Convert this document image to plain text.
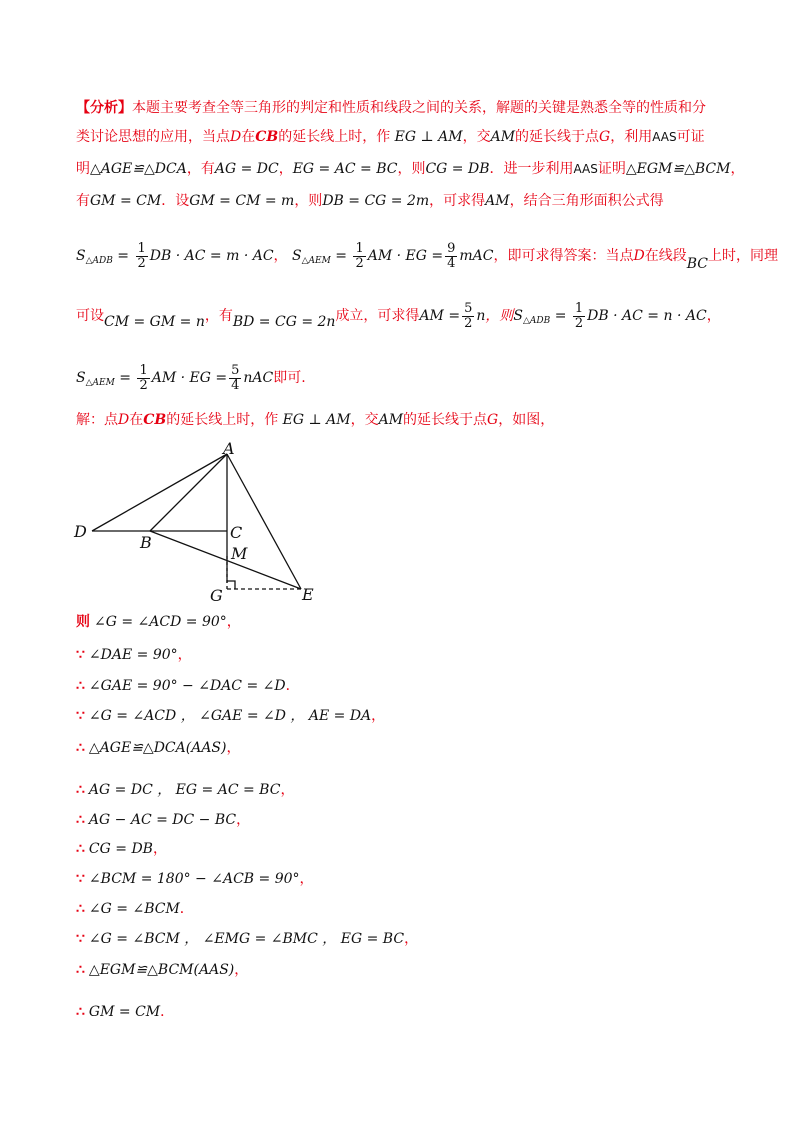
【分析】本题主要考查全等三角形的判定和性质和线段之间的关系，解题的关键是熟悉全等的性质和分
类讨论思想的应用，当点D在CB的延长线上时，作 EG ⊥ AM，交AM的延长线于点G，利用AAS可证
明△AGE≌△DCA，有AG = DC，EG = AC = BC，则CG = DB．进一步利用AAS证明△EGM≌△BCM，
有GM = CM．设GM = CM = m，则DB = CG = 2m，可求得AM，结合三角形面积公式得
$S_{\triangle ADB} = \frac{1}{2}$ DB · AC = m · AC， $S_{\triangle AEM} = \frac{1}{2}$ AM · EG = $\frac{9}{4}$ mAC，即可求得答案：当点D在线段BC上时，同理
可设CM = GM = n，有BD = CG = 2n成立，可求得AM = $\frac{5}{2}$ n，则$S_{\triangle ADB} = \frac{1}{2}$ DB · AC = n · AC，
$S_{\triangle AEM} = \frac{1}{2}$ AM · EG = $\frac{5}{4}$ nAC即可.
解：点D在CB的延长线上时，作 EG ⊥ AM，交AM的延长线于点G，如图，
A
B
C
D
E
G
M
则 ∠G = ∠ACD = 90°，
∵ ∠DAE = 90°，
∴ ∠GAE = 90° − ∠DAC = ∠D．
∵ ∠G = ∠ACD ， ∠GAE = ∠D ， AE = DA，
∴ △AGE≌△DCA(AAS)，
∴ AG = DC ， EG = AC = BC，
∴ AG − AC = DC − BC，
∴ CG = DB，
∵ ∠BCM = 180° − ∠ACB = 90°，
∴ ∠G = ∠BCM．
∵ ∠G = ∠BCM ， ∠EMG = ∠BMC ， EG = BC，
∴ △EGM≌△BCM(AAS)，
∴ GM = CM．
